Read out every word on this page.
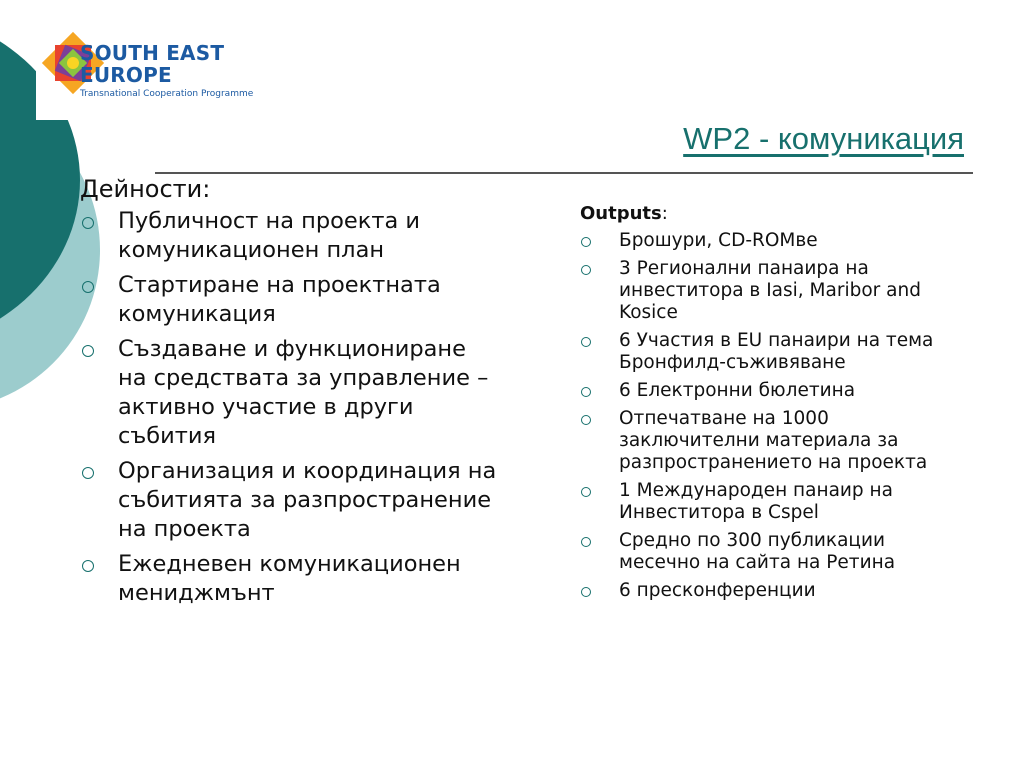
SOUTH EAST
EUROPE
Transnational Cooperation Programme
WP2 - комуникация
Дейности:
Публичност на проекта и комуникационен план
Стартиране на проектната комуникация
Създаване и функциониране на средствата за управление – активно участие в други събития
Организация и координация на събитията за разпространение на проекта
Ежедневен комуникационен мениджмънт
Outputs:
Брошури, CD-ROMве
3 Регионални панаира на инвеститора в Iasi, Maribor and Kosice
6 Участия в EU панаири на тема Бронфилд-съживяване
6 Електронни бюлетина
Отпечатване на 1000 заключителни материала за разпространението на проекта
1 Международен панаир на Инвеститора в Cspel
Средно по 300 публикации месечно на сайта на Ретина
6 пресконференции
